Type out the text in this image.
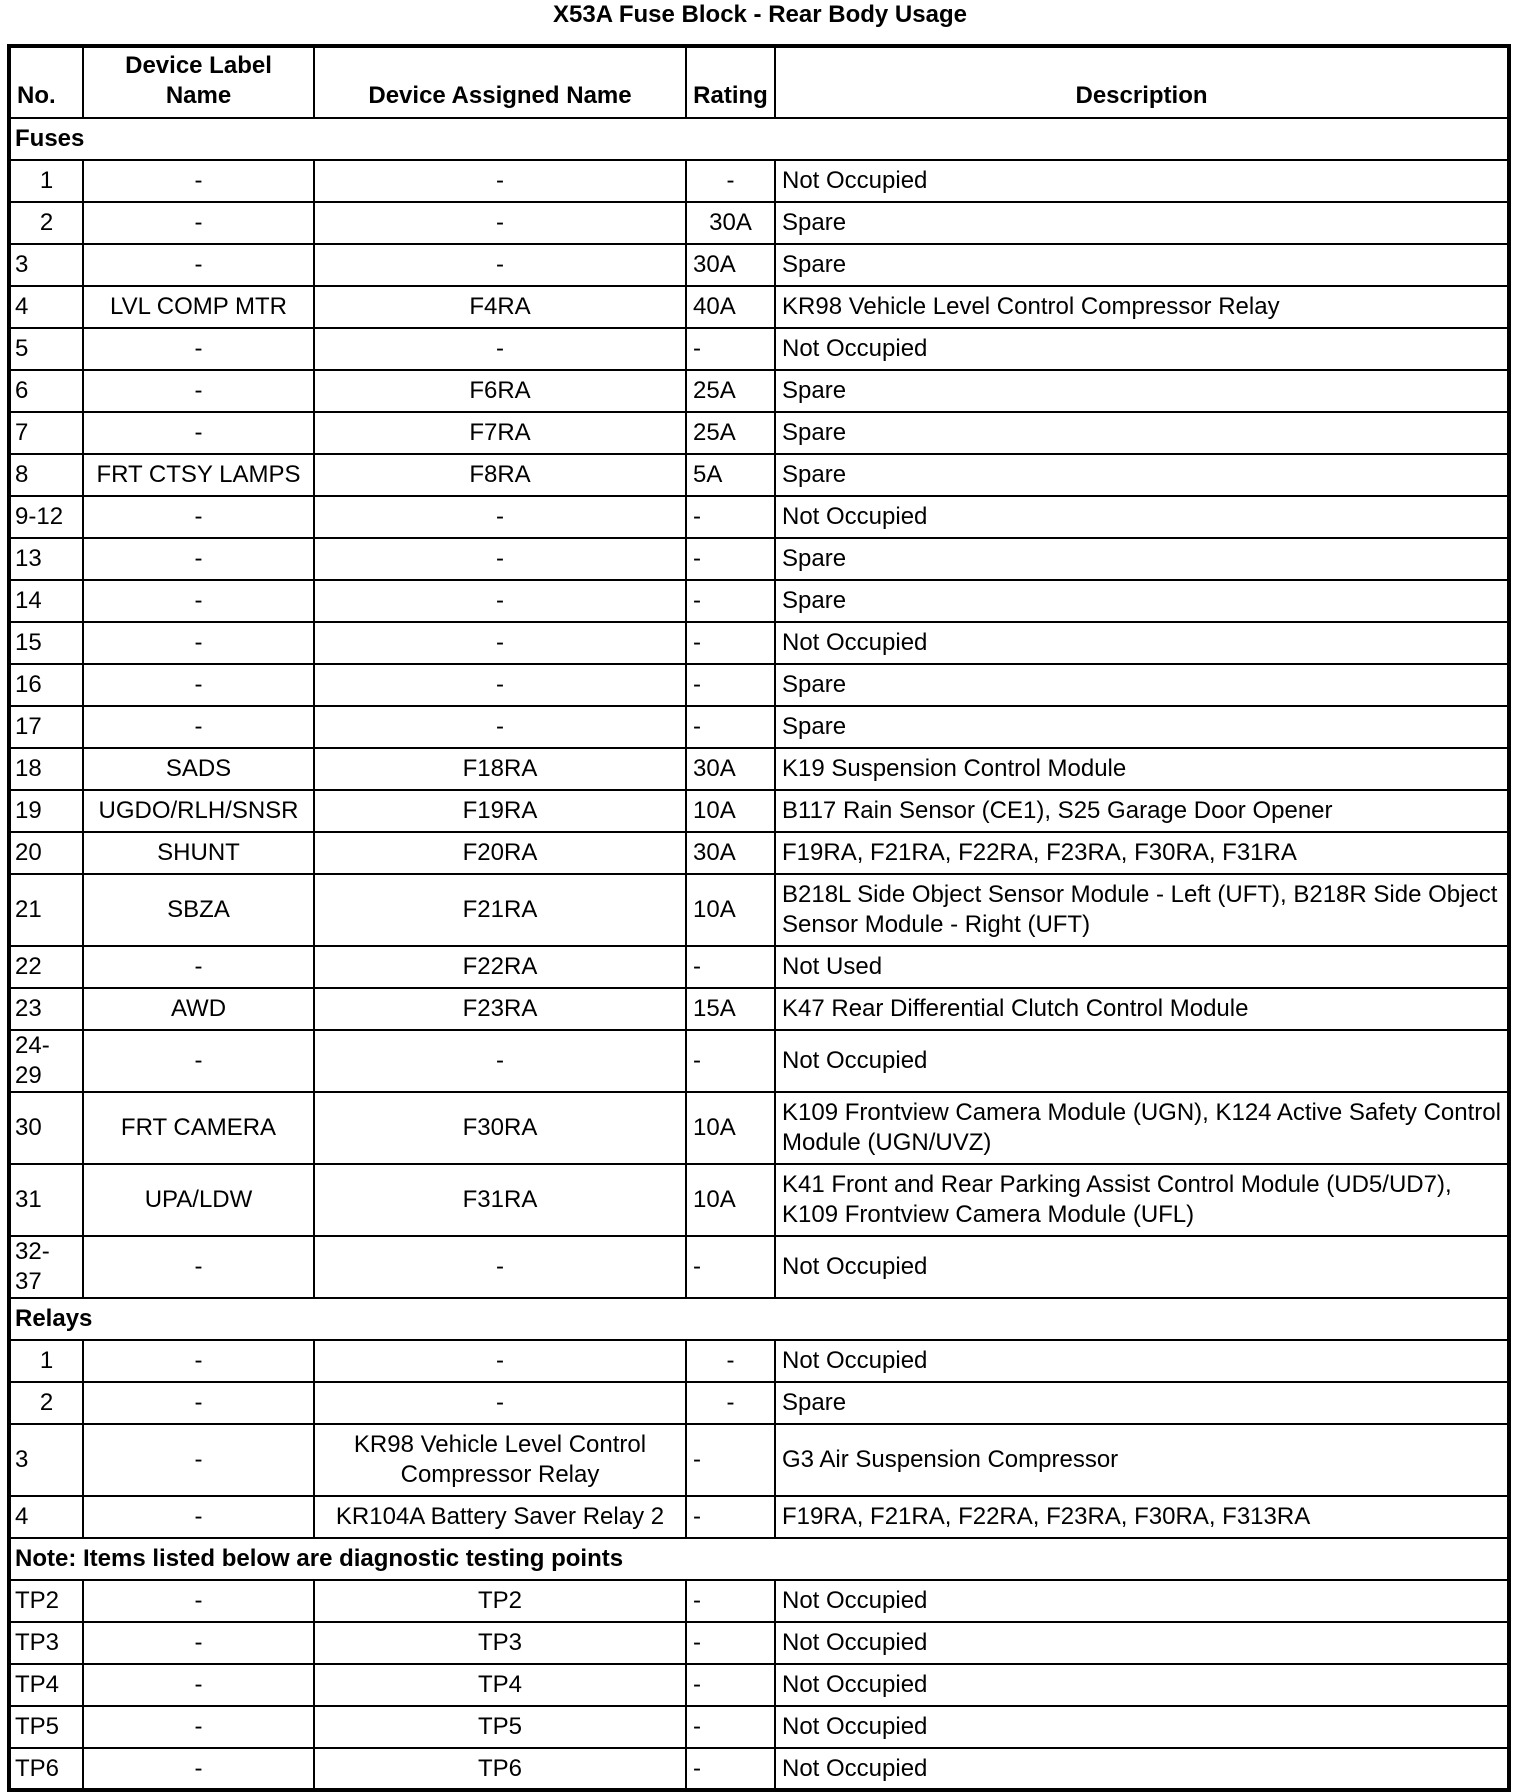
X53A Fuse Block - Rear Body Usage
No.	Device Label Name	Device Assigned Name	Rating	Description
Fuses				
1	-	-	-	Not Occupied
2	-	-	30A	Spare
3	-	-	30A	Spare
4	LVL COMP MTR	F4RA	40A	KR98 Vehicle Level Control Compressor Relay
5	-	-	-	Not Occupied
6	-	F6RA	25A	Spare
7	-	F7RA	25A	Spare
8	FRT CTSY LAMPS	F8RA	5A	Spare
9-12	-	-	-	Not Occupied
13	-	-	-	Spare
14	-	-	-	Spare
15	-	-	-	Not Occupied
16	-	-	-	Spare
17	-	-	-	Spare
18	SADS	F18RA	30A	K19 Suspension Control Module
19	UGDO/RLH/SNSR	F19RA	10A	B117 Rain Sensor (CE1), S25 Garage Door Opener
20	SHUNT	F20RA	30A	F19RA, F21RA, F22RA, F23RA, F30RA, F31RA
21	SBZA	F21RA	10A	B218L Side Object Sensor Module - Left (UFT), B218R Side Object Sensor Module - Right (UFT)
22	-	F22RA	-	Not Used
23	AWD	F23RA	15A	K47 Rear Differential Clutch Control Module
24-29	-	-	-	Not Occupied
30	FRT CAMERA	F30RA	10A	K109 Frontview Camera Module (UGN), K124 Active Safety Control Module (UGN/UVZ)
31	UPA/LDW	F31RA	10A	K41 Front and Rear Parking Assist Control Module (UD5/UD7), K109 Frontview Camera Module (UFL)
32-37	-	-	-	Not Occupied
Relays				
1	-	-	-	Not Occupied
2	-	-	-	Spare
3	-	KR98 Vehicle Level Control Compressor Relay	-	G3 Air Suspension Compressor
4	-	KR104A Battery Saver Relay 2	-	F19RA, F21RA, F22RA, F23RA, F30RA, F313RA
Note: Items listed below are diagnostic testing points				
TP2	-	TP2	-	Not Occupied
TP3	-	TP3	-	Not Occupied
TP4	-	TP4	-	Not Occupied
TP5	-	TP5	-	Not Occupied
TP6	-	TP6	-	Not Occupied
